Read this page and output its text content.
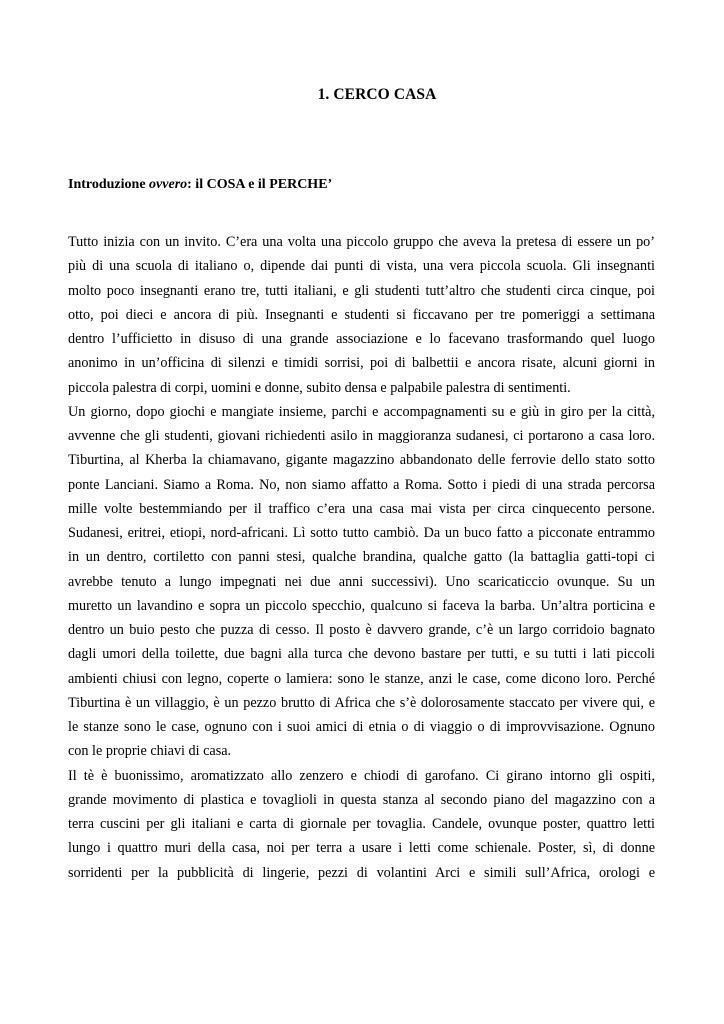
1. CERCO CASA
Introduzione ovvero: il COSA e il PERCHE’
Tutto inizia con un invito. C’era una volta una piccolo gruppo che aveva la pretesa di essere un po’
più di una scuola di italiano o, dipende dai punti di vista, una vera piccola scuola. Gli insegnanti
molto poco insegnanti erano tre, tutti italiani, e gli studenti tutt’altro che studenti circa cinque, poi
otto, poi dieci e ancora di più. Insegnanti e studenti si ficcavano per tre pomeriggi a settimana
dentro l’ufficietto in disuso di una grande associazione e lo facevano trasformando quel luogo
anonimo in un’officina di silenzi e timidi sorrisi, poi di balbettii e ancora risate, alcuni giorni in
piccola palestra di corpi, uomini e donne, subito densa e palpabile palestra di sentimenti.
Un giorno, dopo giochi e mangiate insieme, parchi e accompagnamenti su e giù in giro per la città,
avvenne che gli studenti, giovani richiedenti asilo in maggioranza sudanesi, ci portarono a casa loro.
Tiburtina, al Kherba la chiamavano, gigante magazzino abbandonato delle ferrovie dello stato sotto
ponte Lanciani. Siamo a Roma. No, non siamo affatto a Roma. Sotto i piedi di una strada percorsa
mille volte bestemmiando per il traffico c’era una casa mai vista per circa cinquecento persone.
Sudanesi, eritrei, etiopi, nord-africani. Lì sotto tutto cambiò. Da un buco fatto a picconate entrammo
in un dentro, cortiletto con panni stesi, qualche brandina, qualche gatto (la battaglia gatti-topi ci
avrebbe tenuto a lungo impegnati nei due anni successivi). Uno scaricaticcio ovunque. Su un
muretto un lavandino e sopra un piccolo specchio, qualcuno si faceva la barba. Un’altra porticina e
dentro un buio pesto che puzza di cesso. Il posto è davvero grande, c’è un largo corridoio bagnato
dagli umori della toilette, due bagni alla turca che devono bastare per tutti, e su tutti i lati piccoli
ambienti chiusi con legno, coperte o lamiera: sono le stanze, anzi le case, come dicono loro. Perché
Tiburtina è un villaggio, è un pezzo brutto di Africa che s’è dolorosamente staccato per vivere qui, e
le stanze sono le case, ognuno con i suoi amici di etnia o di viaggio o di improvvisazione. Ognuno
con le proprie chiavi di casa.
Il tè è buonissimo, aromatizzato allo zenzero e chiodi di garofano. Ci girano intorno gli ospiti,
grande movimento di plastica e tovaglioli in questa stanza al secondo piano del magazzino con a
terra cuscini per gli italiani e carta di giornale per tovaglia. Candele, ovunque poster, quattro letti
lungo i quattro muri della casa, noi per terra a usare i letti come schienale. Poster, sì, di donne
sorridenti per la pubblicità di lingerie, pezzi di volantini Arci e simili sull’Africa, orologi e
